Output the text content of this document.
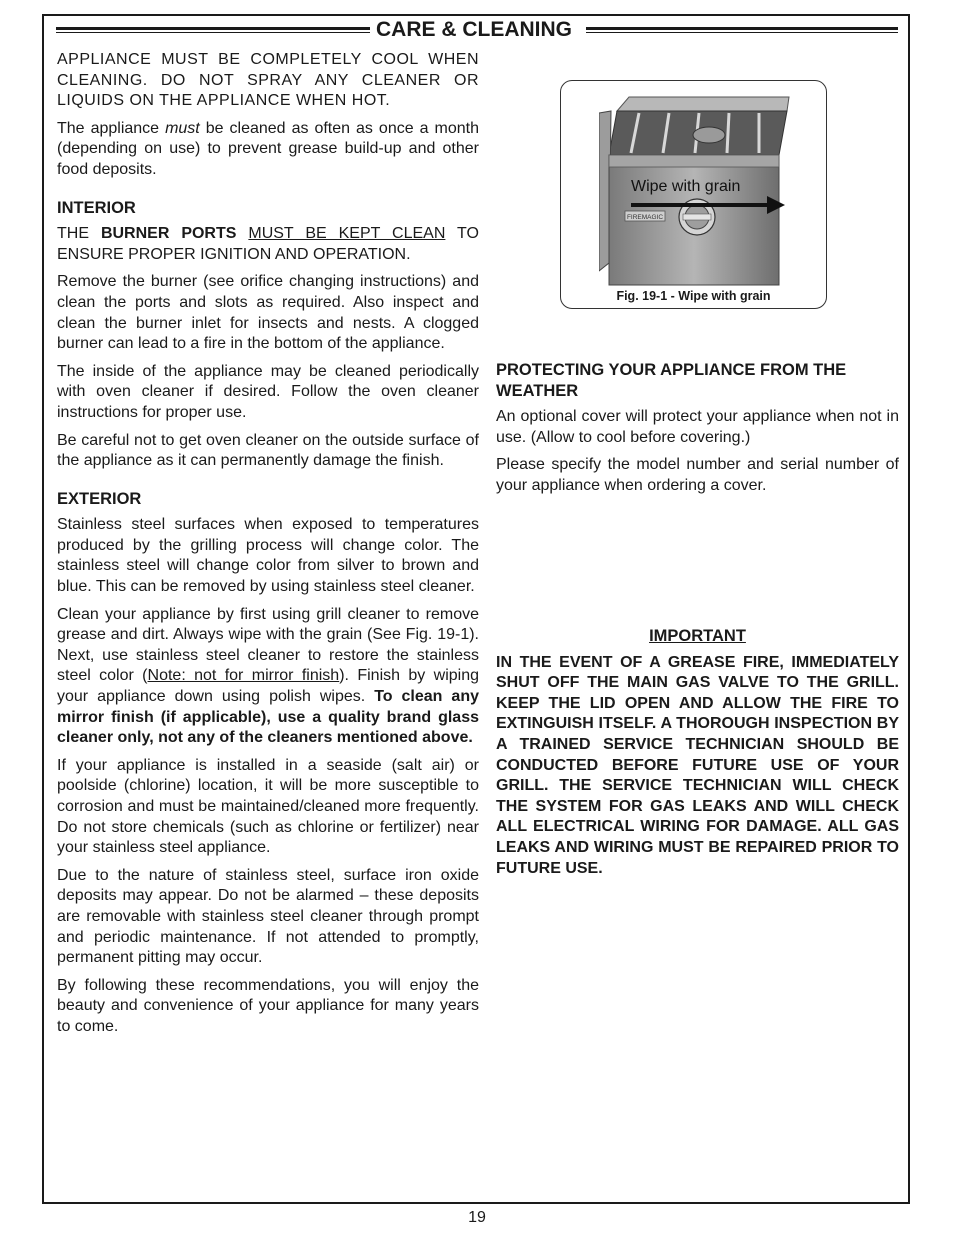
CARE & CLEANING

APPLIANCE MUST BE COMPLETELY COOL WHEN CLEANING. DO NOT SPRAY ANY CLEANER OR LIQUIDS ON THE APPLIANCE WHEN HOT.

The appliance must be cleaned as often as once a month (depending on use) to prevent grease build-up and other food deposits.

INTERIOR

THE BURNER PORTS MUST BE KEPT CLEAN TO ENSURE PROPER IGNITION AND OPERATION.

Remove the burner (see orifice changing instructions) and clean the ports and slots as required. Also inspect and clean the burner inlet for insects and nests. A clogged burner can lead to a fire in the bottom of the appliance.

The inside of the appliance may be cleaned periodically with oven cleaner if desired. Follow the oven cleaner instructions for proper use.

Be careful not to get oven cleaner on the outside surface of the appliance as it can permanently damage the finish.

EXTERIOR

Stainless steel surfaces when exposed to temperatures produced by the grilling process will change color. The stainless steel will change color from silver to brown and blue. This can be removed by using stainless steel cleaner.

Clean your appliance by first using grill cleaner to remove grease and dirt. Always wipe with the grain (See Fig. 19-1). Next, use stainless steel cleaner to restore the stainless steel color (Note: not for mirror finish). Finish by wiping your appliance down using polish wipes. To clean any mirror finish (if applicable), use a quality brand glass cleaner only, not any of the cleaners mentioned above.

If your appliance is installed in a seaside (salt air) or poolside (chlorine) location, it will be more susceptible to corrosion and must be maintained/cleaned more frequently. Do not store chemicals (such as chlorine or fertilizer) near your stainless steel appliance.

Due to the nature of stainless steel, surface iron oxide deposits may appear. Do not be alarmed – these deposits are removable with stainless steel cleaner through prompt and periodic maintenance. If not attended to promptly, permanent pitting may occur.

By following these recommendations, you will enjoy the beauty and convenience of your appliance for many years to come.

FIREMAGIC
Wipe with grain
Fig. 19-1 - Wipe with grain
PROTECTING YOUR APPLIANCE FROM THE WEATHER

An optional cover will protect your appliance when not in use. (Allow to cool before covering.)

Please specify the model number and serial number of your appliance when ordering a cover.

IMPORTANT

IN THE EVENT OF A GREASE FIRE, IMMEDIATELY SHUT OFF THE MAIN GAS VALVE TO THE GRILL. KEEP THE LID OPEN AND ALLOW THE FIRE TO EXTINGUISH ITSELF. A THOROUGH INSPECTION BY A TRAINED SERVICE TECHNICIAN SHOULD BE CONDUCTED BEFORE FUTURE USE OF YOUR GRILL. THE SERVICE TECHNICIAN WILL CHECK THE SYSTEM FOR GAS LEAKS AND WILL CHECK ALL ELECTRICAL WIRING FOR DAMAGE. ALL GAS LEAKS AND WIRING MUST BE REPAIRED PRIOR TO FUTURE USE.

19
